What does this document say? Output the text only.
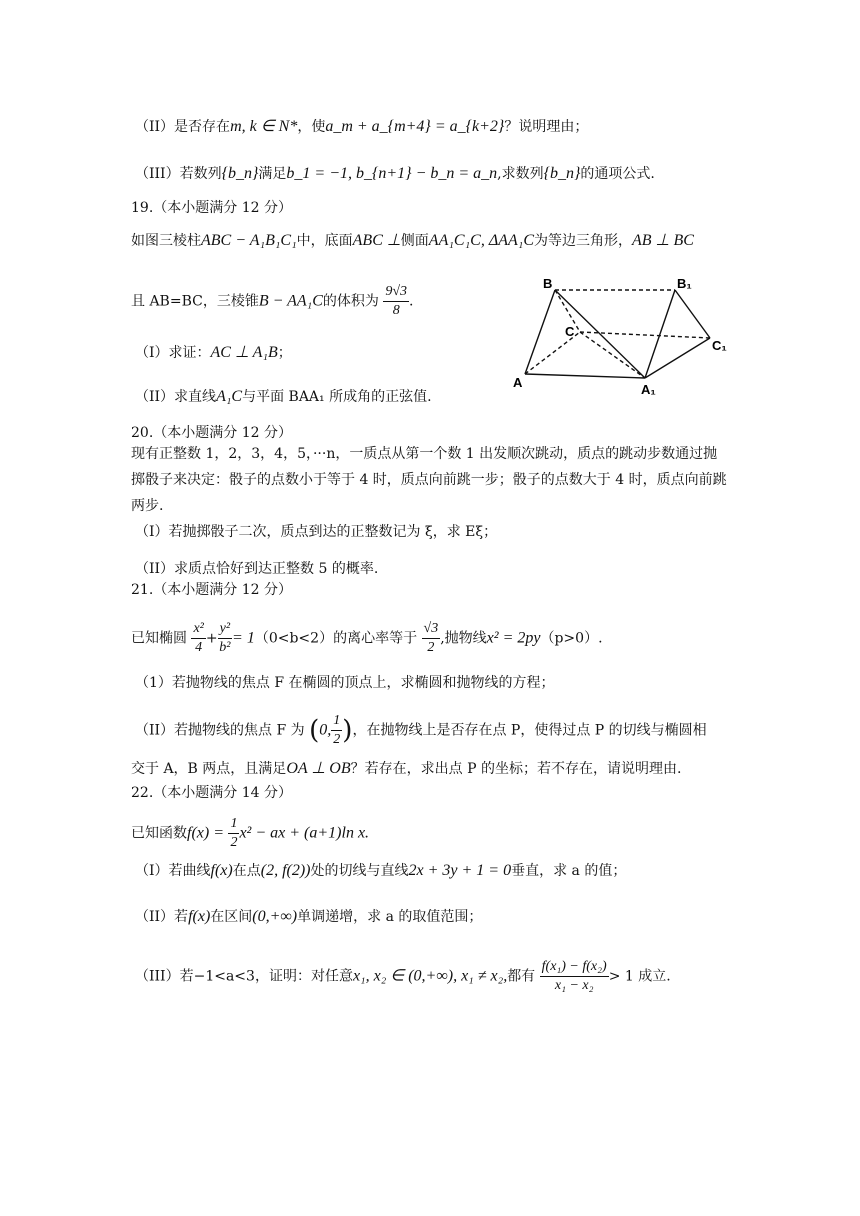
（II）是否存在m, k ∈ N*，使a_m + a_{m+4} = a_{k+2}？说明理由；
（III）若数列{b_n}满足b_1 = −1, b_{n+1} − b_n = a_n,求数列{b_n}的通项公式.
19.（本小题满分 12 分）
如图三棱柱ABC − A₁B₁C₁中，底面ABC ⊥侧面AA₁C₁C, ΔAA₁C为等边三角形，AB ⊥ BC
且 AB=BC，三棱锥B − AA₁C的体积为 $\frac{9√3}{8}$ .
（I）求证：AC ⊥ A₁B；
（II）求直线A₁C与平面 BAA₁ 所成角的正弦值.
B	B₁
C
C₁
A	A₁
20.（本小题满分 12 分）
现有正整数 1，2，3，4，5，···n，一质点从第一个数 1 出发顺次跳动，质点的跳动步数通过抛掷骰子来决定：骰子的点数小于等于 4 时，质点向前跳一步；骰子的点数大于 4 时，质点向前跳两步.
（I）若抛掷骰子二次，质点到达的正整数记为 ξ，求 Eξ；
（II）求质点恰好到达正整数 5 的概率.
21.（本小题满分 12 分）
已知椭圆 $\frac{\text{x²}}{4} + \frac{\text{y²}}{\text{b²}} = 1(0<b<2)$的离心率等于 $\frac{√3}{2}$ ,抛物线x² = 2py（p>0）.
（1）若抛物线的焦点 F 在椭圆的顶点上，求椭圆和抛物线的方程；
（II）若抛物线的焦点 F 为 (0, $\frac{1}{2}$ )，在抛物线上是否存在点 P，使得过点 P 的切线与椭圆相
交于 A，B 两点，且满足OA ⊥ OB？若存在，求出点 P 的坐标；若不存在，请说明理由.
22.（本小题满分 14 分）
已知函数$f(x) = \frac{1}{2} x^2$ − ax + (a+1)ln x.
（I）若曲线f(x)在点(2, f(2))处的切线与直线2x + 3y + 1 = 0垂直，求 a 的值；
（II）若f(x)在区间(0,+∞)单调递增，求 a 的取值范围；
（III）若−1<a<3，证明：对任意x₁, x₂ ∈ (0,+∞), x₁ ≠ x₂,都有 $\frac{\text{f(x₁) − f(x₂)}}{\text{x₁ − x₂}} > 1$ 成立.
